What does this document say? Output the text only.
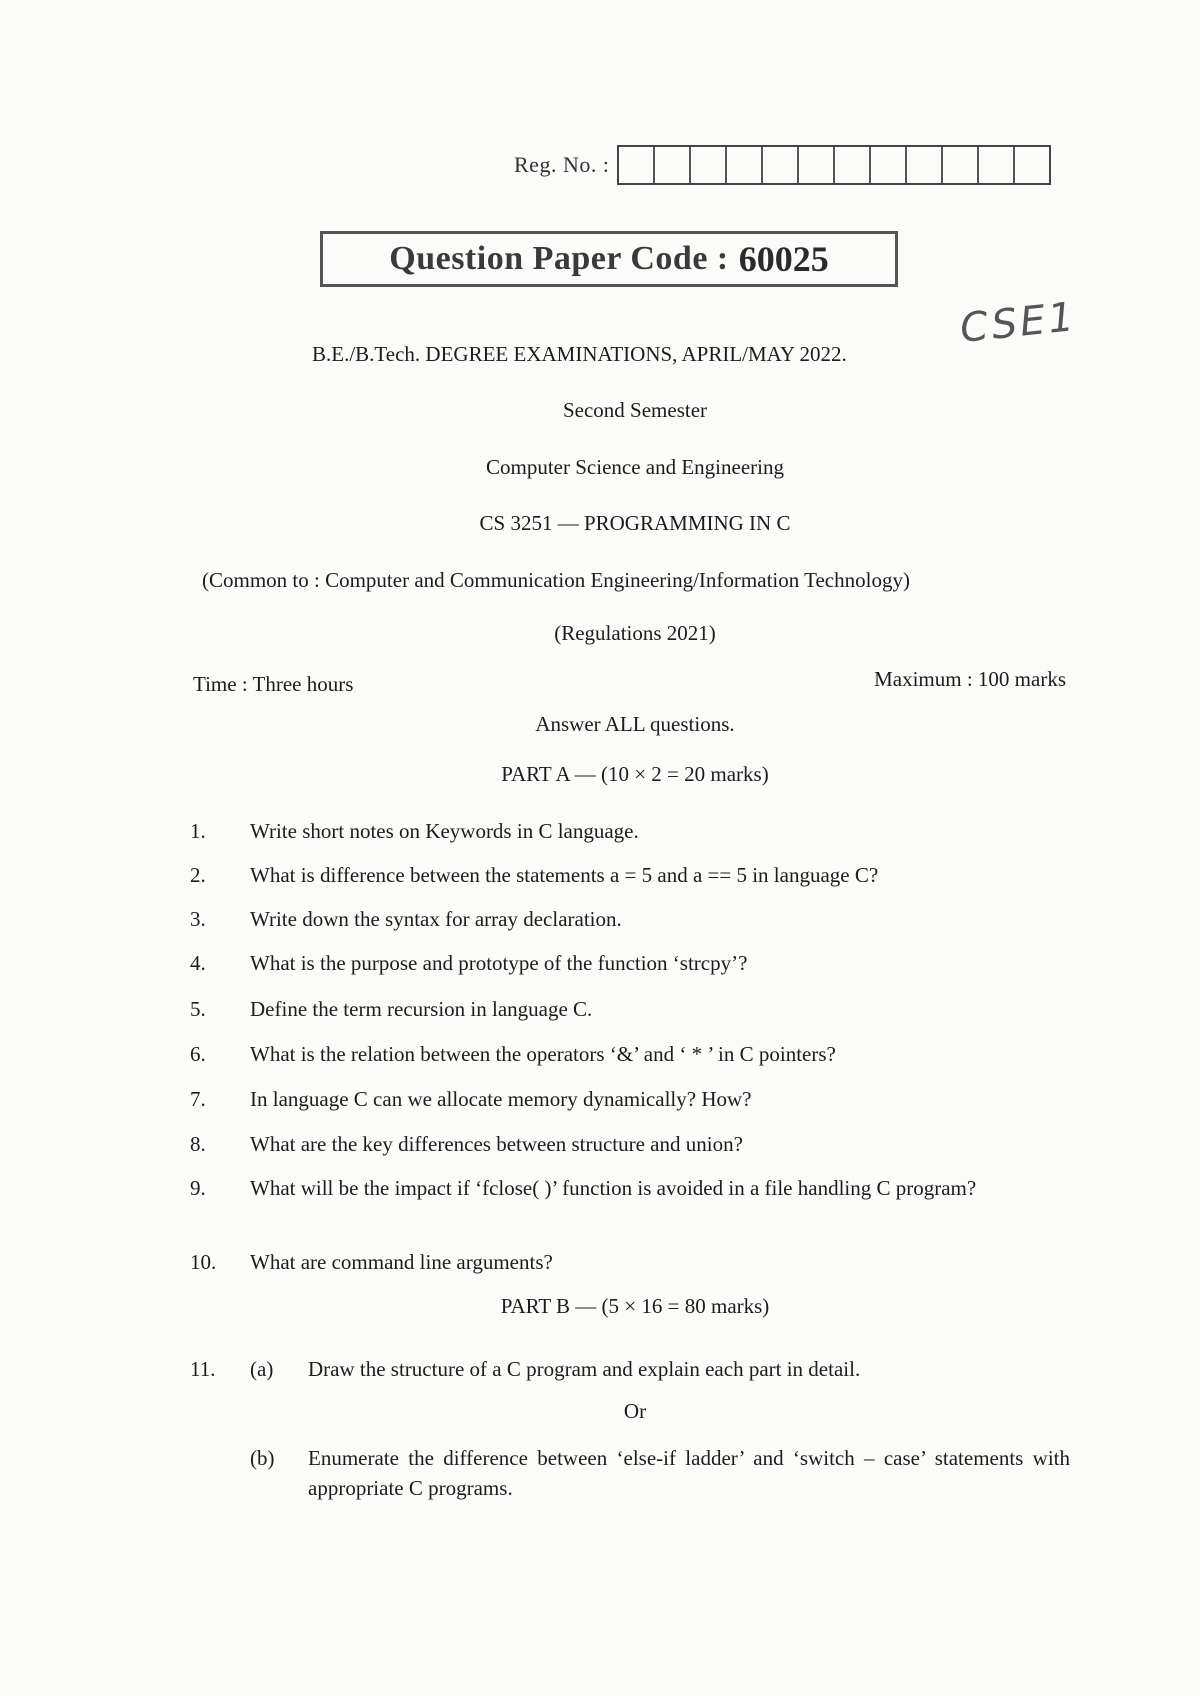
Reg. No. :
Question Paper Code : 60025
CSE1
B.E./B.Tech. DEGREE EXAMINATIONS, APRIL/MAY 2022.
Second Semester
Computer Science and Engineering
CS 3251 — PROGRAMMING IN C
(Common to : Computer and Communication Engineering/Information Technology)
(Regulations 2021)
Time : Three hours	Maximum : 100 marks
Answer ALL questions.
PART A — (10 × 2 = 20 marks)
1. Write short notes on Keywords in C language.
2. What is difference between the statements a = 5 and a == 5 in language C?
3. Write down the syntax for array declaration.
4. What is the purpose and prototype of the function ‘strcpy’?
5. Define the term recursion in language C.
6. What is the relation between the operators ‘&’ and ‘ * ’ in C pointers?
7. In language C can we allocate memory dynamically? How?
8. What are the key differences between structure and union?
9. What will be the impact if ‘fclose( )’ function is avoided in a file handling C program?
10. What are command line arguments?
PART B — (5 × 16 = 80 marks)
11. (a) Draw the structure of a C program and explain each part in detail.
Or
(b) Enumerate the difference between ‘else-if ladder’ and ‘switch – case’ statements with appropriate C programs.
